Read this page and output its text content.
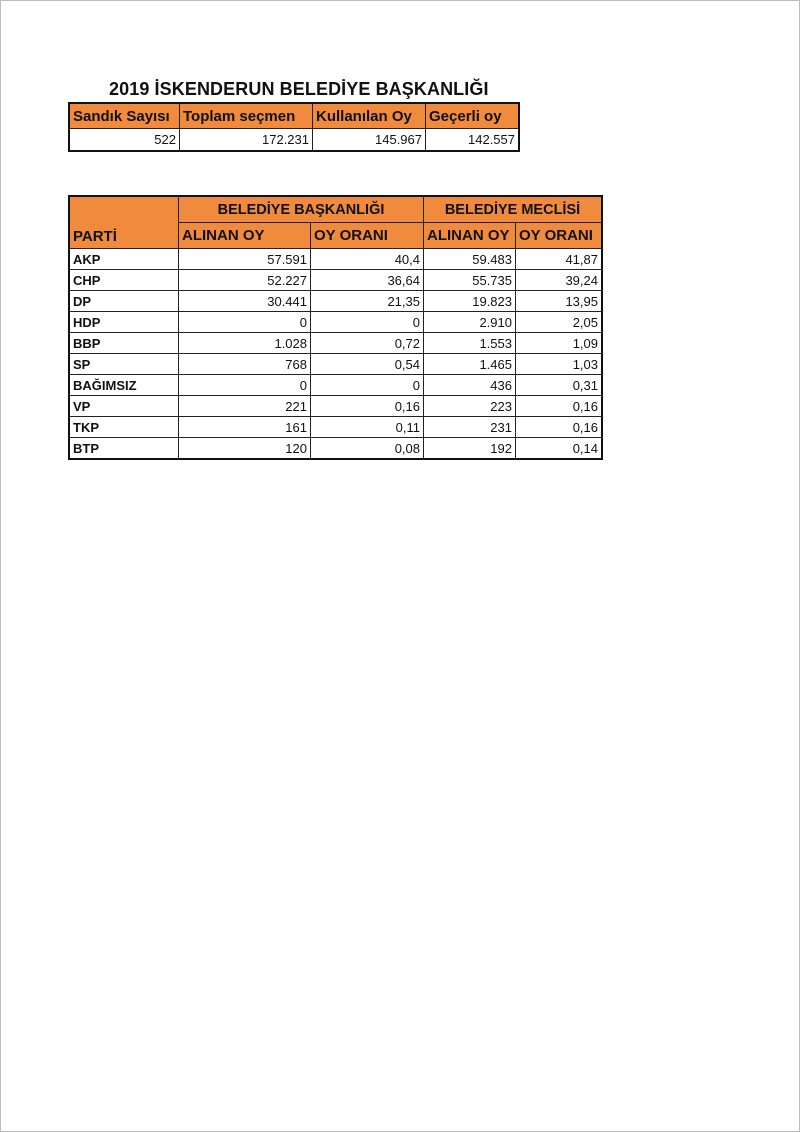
2019 İSKENDERUN BELEDİYE BAŞKANLIĞI
Sandık Sayısı	Toplam seçmen	Kullanılan Oy	Geçerli oy
522	172.231	145.967	142.557
PARTİ	BELEDİYE BAŞKANLIĞI		BELEDİYE MECLİSİ	
	ALINAN OY	OY ORANI	ALINAN OY	OY ORANI
AKP	57.591	40,4	59.483	41,87
CHP	52.227	36,64	55.735	39,24
DP	30.441	21,35	19.823	13,95
HDP	0	0	2.910	2,05
BBP	1.028	0,72	1.553	1,09
SP	768	0,54	1.465	1,03
BAĞIMSIZ	0	0	436	0,31
VP	221	0,16	223	0,16
TKP	161	0,11	231	0,16
BTP	120	0,08	192	0,14
